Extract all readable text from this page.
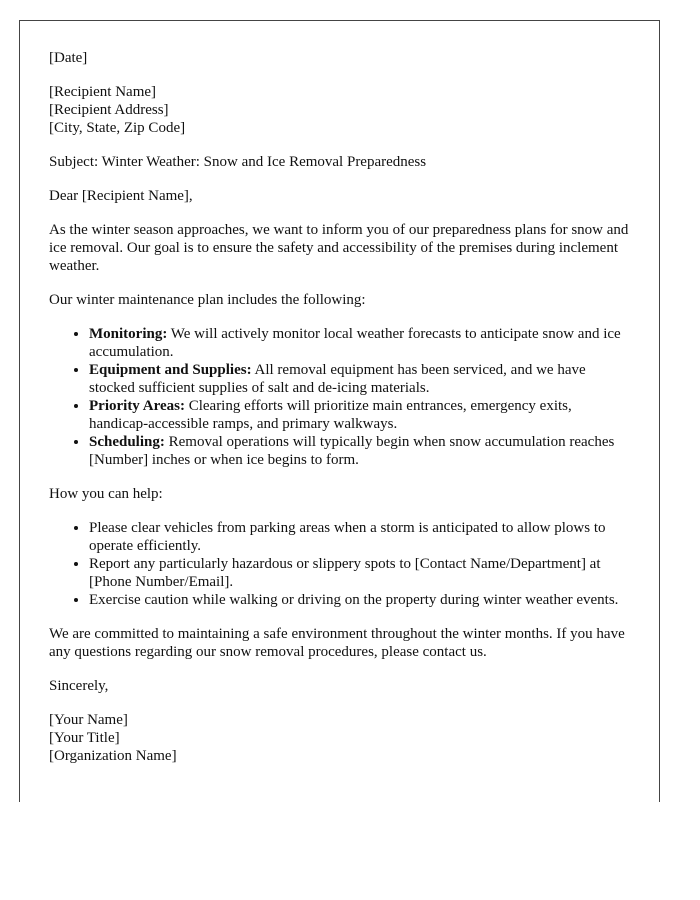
[Date]
[Recipient Name]
[Recipient Address]
[City, State, Zip Code]
Subject: Winter Weather: Snow and Ice Removal Preparedness
Dear [Recipient Name],
As the winter season approaches, we want to inform you of our preparedness plans for snow and ice removal. Our goal is to ensure the safety and accessibility of the premises during inclement weather.
Our winter maintenance plan includes the following:
• Monitoring: We will actively monitor local weather forecasts to anticipate snow and ice accumulation.
• Equipment and Supplies: All removal equipment has been serviced, and we have stocked sufficient supplies of salt and de-icing materials.
• Priority Areas: Clearing efforts will prioritize main entrances, emergency exits, handicap-accessible ramps, and primary walkways.
• Scheduling: Removal operations will typically begin when snow accumulation reaches [Number] inches or when ice begins to form.
How you can help:
• Please clear vehicles from parking areas when a storm is anticipated to allow plows to operate efficiently.
• Report any particularly hazardous or slippery spots to [Contact Name/Department] at [Phone Number/Email].
• Exercise caution while walking or driving on the property during winter weather events.
We are committed to maintaining a safe environment throughout the winter months. If you have any questions regarding our snow removal procedures, please contact us.
Sincerely,
[Your Name]
[Your Title]
[Organization Name]
